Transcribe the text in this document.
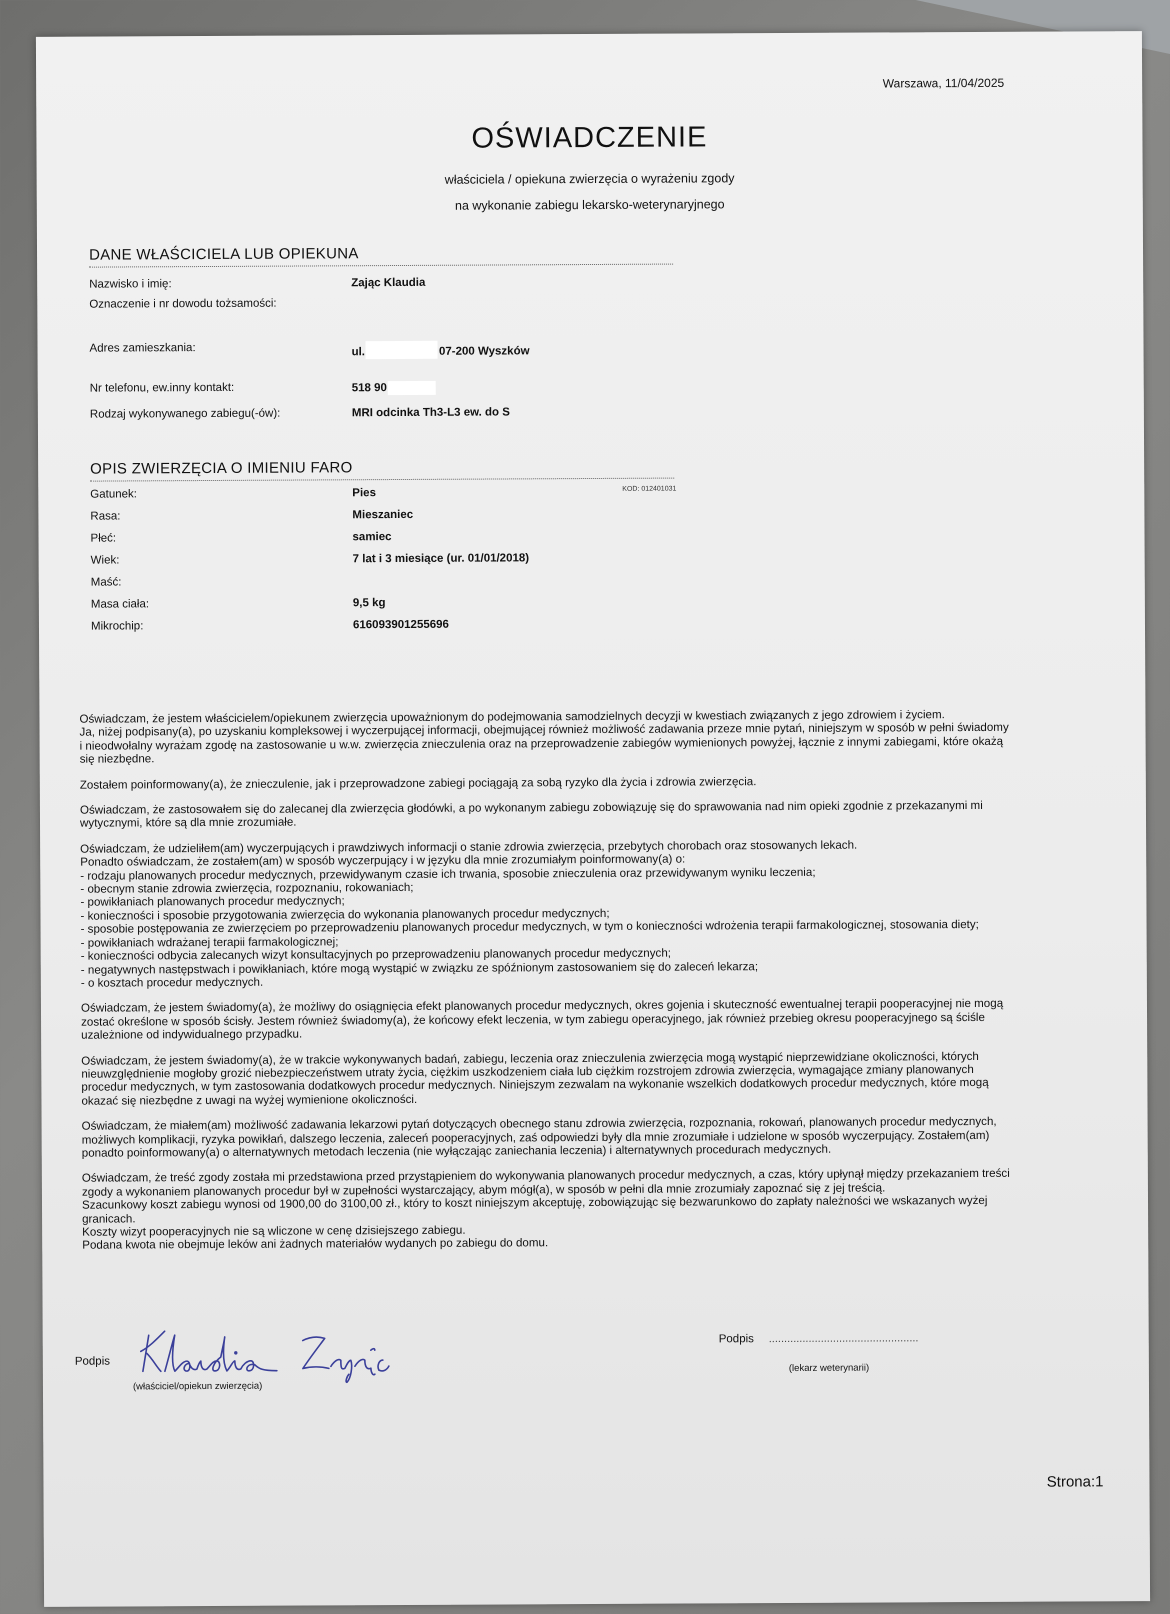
Warszawa, 11/04/2025
OŚWIADCZENIE
właściciela / opiekuna zwierzęcia o wyrażeniu zgody
na wykonanie zabiegu lekarsko-weterynaryjnego
DANE WŁAŚCICIELA LUB OPIEKUNA
Nazwisko i imię:	Zając Klaudia
Oznaczenie i nr dowodu tożsamości:
Adres zamieszkania:	ul.	07-200 Wyszków
Nr telefonu, ew.inny kontakt:	518 90
Rodzaj wykonywanego zabiegu(-ów):	MRI odcinka Th3-L3 ew. do S
OPIS ZWIERZĘCIA O IMIENIU FARO
KOD: 012401031
Gatunek:	Pies
Rasa:	Mieszaniec
Płeć:	samiec
Wiek:	7 lat i 3 miesiące (ur. 01/01/2018)
Maść:
Masa ciała:	9,5 kg
Mikrochip:	616093901255696

Oświadczam, że jestem właścicielem/opiekunem zwierzęcia upoważnionym do podejmowania samodzielnych decyzji w kwestiach związanych z jego zdrowiem i życiem.
Ja, niżej podpisany(a), po uzyskaniu kompleksowej i wyczerpującej informacji, obejmującej również możliwość zadawania przeze mnie pytań, niniejszym w sposób w pełni świadomy
i nieodwołalny wyrażam zgodę na zastosowanie u w.w. zwierzęcia znieczulenia oraz na przeprowadzenie zabiegów wymienionych powyżej, łącznie z innymi zabiegami, które okażą
się niezbędne.

Zostałem poinformowany(a), że znieczulenie, jak i przeprowadzone zabiegi pociągają za sobą ryzyko dla życia i zdrowia zwierzęcia.

Oświadczam, że zastosowałem się do zalecanej dla zwierzęcia głodówki, a po wykonanym zabiegu zobowiązuję się do sprawowania nad nim opieki zgodnie z przekazanymi mi
wytycznymi, które są dla mnie zrozumiałe.

Oświadczam, że udzieliłem(am) wyczerpujących i prawdziwych informacji o stanie zdrowia zwierzęcia, przebytych chorobach oraz stosowanych lekach.
Ponadto oświadczam, że zostałem(am) w sposób wyczerpujący i w języku dla mnie zrozumiałym poinformowany(a) o:
- rodzaju planowanych procedur medycznych, przewidywanym czasie ich trwania, sposobie znieczulenia oraz przewidywanym wyniku leczenia;
- obecnym stanie zdrowia zwierzęcia, rozpoznaniu, rokowaniach;
- powikłaniach planowanych procedur medycznych;
- konieczności i sposobie przygotowania zwierzęcia do wykonania planowanych procedur medycznych;
- sposobie postępowania ze zwierzęciem po przeprowadzeniu planowanych procedur medycznych, w tym o konieczności wdrożenia terapii farmakologicznej, stosowania diety;
- powikłaniach wdrażanej terapii farmakologicznej;
- konieczności odbycia zalecanych wizyt konsultacyjnych po przeprowadzeniu planowanych procedur medycznych;
- negatywnych następstwach i powikłaniach, które mogą wystąpić w związku ze spóźnionym zastosowaniem się do zaleceń lekarza;
- o kosztach procedur medycznych.

Oświadczam, że jestem świadomy(a), że możliwy do osiągnięcia efekt planowanych procedur medycznych, okres gojenia i skuteczność ewentualnej terapii pooperacyjnej nie mogą
zostać określone w sposób ścisły. Jestem również świadomy(a), że końcowy efekt leczenia, w tym zabiegu operacyjnego, jak również przebieg okresu pooperacyjnego są ściśle
uzależnione od indywidualnego przypadku.

Oświadczam, że jestem świadomy(a), że w trakcie wykonywanych badań, zabiegu, leczenia oraz znieczulenia zwierzęcia mogą wystąpić nieprzewidziane okoliczności, których
nieuwzględnienie mogłoby grozić niebezpieczeństwem utraty życia, ciężkim uszkodzeniem ciała lub ciężkim rozstrojem zdrowia zwierzęcia, wymagające zmiany planowanych
procedur medycznych, w tym zastosowania dodatkowych procedur medycznych. Niniejszym zezwalam na wykonanie wszelkich dodatkowych procedur medycznych, które mogą
okazać się niezbędne z uwagi na wyżej wymienione okoliczności.

Oświadczam, że miałem(am) możliwość zadawania lekarzowi pytań dotyczących obecnego stanu zdrowia zwierzęcia, rozpoznania, rokowań, planowanych procedur medycznych,
możliwych komplikacji, ryzyka powikłań, dalszego leczenia, zaleceń pooperacyjnych, zaś odpowiedzi były dla mnie zrozumiałe i udzielone w sposób wyczerpujący. Zostałem(am)
ponadto poinformowany(a) o alternatywnych metodach leczenia (nie wyłączając zaniechania leczenia) i alternatywnych procedurach medycznych.

Oświadczam, że treść zgody została mi przedstawiona przed przystąpieniem do wykonywania planowanych procedur medycznych, a czas, który upłynął między przekazaniem treści
zgody a wykonaniem planowanych procedur był w zupełności wystarczający, abym mógł(a), w sposób w pełni dla mnie zrozumiały zapoznać się z jej treścią.
Szacunkowy koszt zabiegu wynosi od 1900,00 do 3100,00 zł., który to koszt niniejszym akceptuję, zobowiązując się bezwarunkowo do zapłaty należności we wskazanych wyżej
granicach.
Koszty wizyt pooperacyjnych nie są wliczone w cenę dzisiejszego zabiegu.
Podana kwota nie obejmuje leków ani żadnych materiałów wydanych po zabiegu do domu.

Podpis
(właściciel/opiekun zwierzęcia)
Podpis .................................................
(lekarz weterynarii)
Strona:1
